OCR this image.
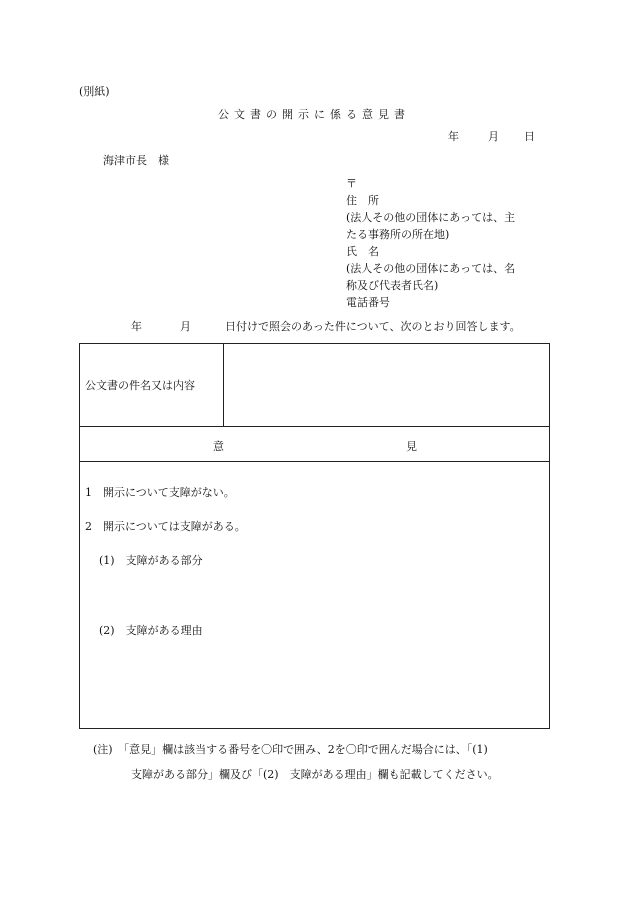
(別紙)
公文書の開示に係る意見書
年	月 日
海津市長　様
〒
住　所
(法人その他の団体にあっては、主
たる事務所の所在地)
氏　名
(法人その他の団体にあっては、名
称及び代表者氏名)
電話番号
年	月	日付けで照会のあった件について、次のとおり回答します。
公文書の件名又は内容	

意	見

1　開示について支障がない。
2　開示については支障がある。
(1)　支障がある部分
(2)　支障がある理由
(注)　「意見」欄は該当する番号を〇印で囲み、2を〇印で囲んだ場合には、「(1)
支障がある部分」欄及び「(2)　支障がある理由」欄も記載してください。
